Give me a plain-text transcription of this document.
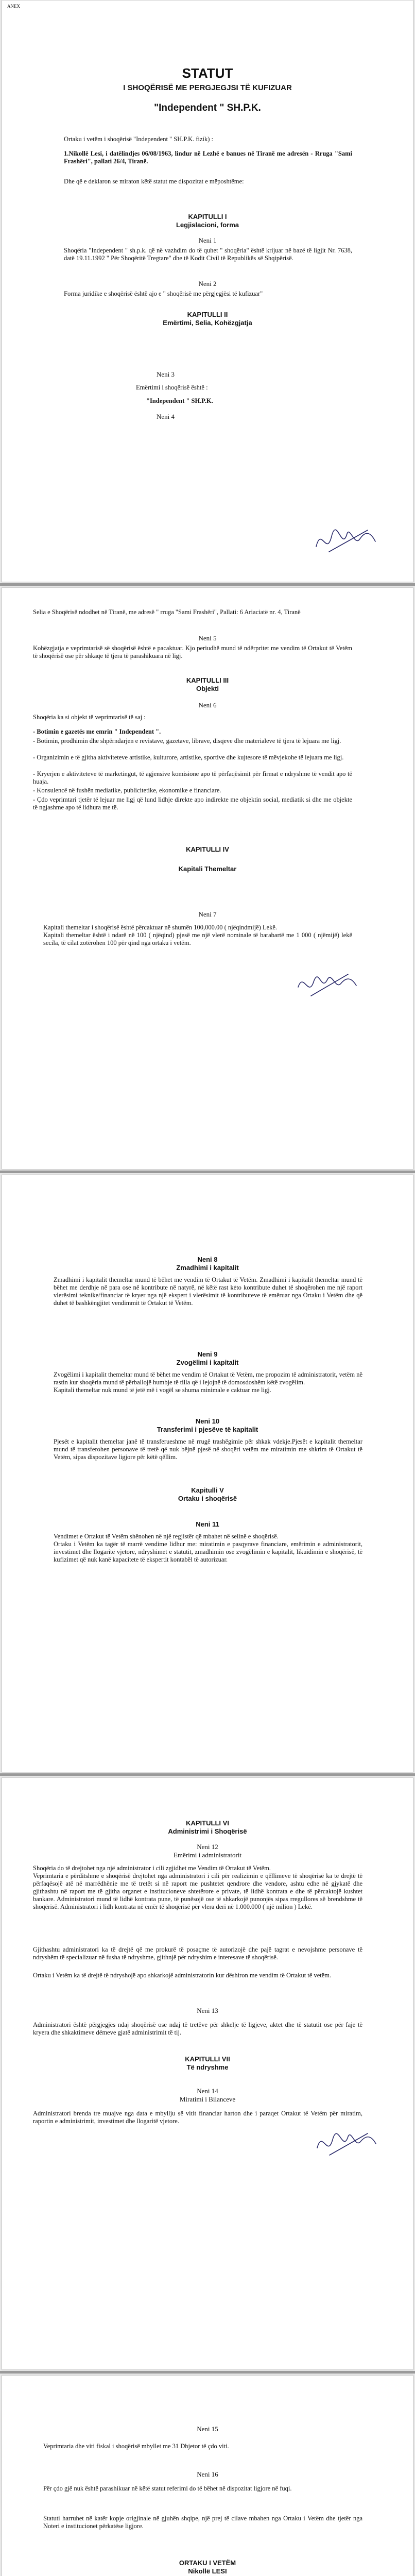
ANEX
STATUT
I SHOQËRISË ME PERGJEGJSI TË KUFIZUAR
"Independent " SH.P.K.
Ortaku i vetëm i shoqërisë "Independent " SH.P.K. fizik) :
1.Nikollë Lesi, i datëlindjes 06/08/1963, lindur në Lezhë e banues në Tiranë me adresën - Rruga "Sami Frashëri", pallati 26/4, Tiranë.
Dhe që e deklaron se miraton këtë statut me dispozitat e mëposhtëme:
KAPITULLI I
Legjislacioni, forma
Neni 1
Shoqëria "Independent " sh.p.k. që në vazhdim do të quhet " shoqëria" është krijuar në bazë të ligjit Nr. 7638, datë 19.11.1992 " Për Shoqëritë Tregtare" dhe të Kodit Civil të Republikës së Shqipërisë.
Neni 2
Forma juridike e shoqërisë është ajo e " shoqërisë me përgjegjësi të kufizuar"
KAPITULLI II
Emërtimi, Selia, Kohëzgjatja
Neni 3
Emërtimi i shoqërisë është :
"Independent " SH.P.K.
Neni 4
Selia e Shoqërisë ndodhet në Tiranë, me adresë " rruga "Sami Frashëri", Pallati: 6 Ariaciatë nr. 4, Tiranë
Neni 5
Kohëzgjatja e veprimtarisë së shoqërisë është e pacaktuar. Kjo periudhë mund të ndërpritet me vendim të Ortakut të Vetëm të shoqërisë ose për shkaqe të tjera të parashikuara në ligj.
KAPITULLI III
Objekti
Neni 6
Shoqëria ka si objekt të veprimtarisë të saj :
- Botimin e gazetës me emrin " Independent ".
- Botimin, prodhimin dhe shpërndarjen e revistave, gazetave, librave, disqeve dhe materialeve të tjera të lejuara me ligj.
- Organizimin e të gjitha aktiviteteve artistike, kulturore, artistike, sportive dhe kujtesore të mëvjekohe të lejuara me ligj.
- Kryerjen e aktiviteteve të marketingut, të agjensive komisione apo të përfaqësimit për firmat e ndryshme të vendit apo të huaja.
- Konsulencë në fushën mediatike, publicitetike, ekonomike e financiare.
- Çdo veprimtari tjetër të lejuar me ligj që lund lidhje direkte apo indirekte me objektin social, mediatik si dhe me objekte të ngjashme apo të lidhura me të.
KAPITULLI IV
Kapitali Themeltar
Neni 7
Kapitali themeltar i shoqërisë është përcaktuar në shumën 100,000.00 ( njëqindmijë) Lekë.
Kapitali themeltar është i ndarë në 100 ( njëqind) pjesë me një vlerë nominale të barabartë me 1 000 ( njëmijë) lekë secila, të cilat zotërohen 100 për qind nga ortaku i vetëm.
Neni 8
Zmadhimi i kapitalit
Zmadhimi i kapitalit themeltar mund të bëhet me vendim të Ortakut të Vetëm. Zmadhimi i kapitalit themeltar mund të bëhet me derdhje në para ose në kontribute në natyrë, në këtë rast kėto kontribute duhet të shoqërohen me një raport vlerësimi teknike/financiar të kryer nga një ekspert i vlerësimit të kontributeve të emëruar nga Ortaku i Vetëm dhe që duhet të bashkëngjitet vendimmit të Ortakut të Vetëm.
Neni 9
Zvogëlimi i kapitalit
Zvogëlimi i kapitalit themeltar mund të bëhet me vendim të Ortakut të Vetëm, me propozim të administratorit, vetëm në rastin kur shoqëria mund të përballojë humbje të tilla që i lejojnë të domosdoshëm këtë zvogëlim.
Kapitali themeltar nuk mund të jetë më i vogël se shuma minimale e caktuar me ligj.
Neni 10
Transferimi i pjesëve të kapitalit
Pjesët e kapitalit themeltar janë të transferueshme në rrugë trashëgimie për shkak vdekje.Pjesët e kapitalit themeltar mund të transferohen personave të tretë që nuk bëjnë pjesë në shoqëri vetëm me miratimin me shkrim të Ortakut të Vetëm, sipas dispozitave ligjore për këtë qëllim.
Kapitulli V
Ortaku i shoqërisë
Neni 11
Vendimet e Ortakut të Vetëm shënohen në një regjistër që mbahet në selinë e shoqërisë.
Ortaku i Vetëm ka tagër të marrë vendime lidhur me: miratimin e pasqyrave financiare, emërimin e administratorit, investimet dhe llogaritë vjetore, ndryshimet e statutit, zmadhimin ose zvogëlimin e kapitalit, likuidimin e shoqërisë, të kufizimet që nuk kanë kapacitete të ekspertit kontabël të autorizuar.
KAPITULLI VI
Administrimi i Shoqërisë
Neni 12
Emërimi i administratorit
Shoqëria do të drejtohet nga një administrator i cili zgjidhet me Vendim të Ortakut të Vetëm.
Veprimtaria e përditshme e shoqërisë drejtohet nga administratori i cili për realizimin e qëllimeve të shoqërisë ka të drejtë të përfaqësojë atë në marrëdhënie me të tretët si në raport me pushtetet qendrore dhe vendore, ashtu edhe në gjykatë dhe gjithashtu në raport me të gjitha organet e institucioneve shtetërore e private, të lidhë kontrata e dhe të përcaktojë kushtet bankare. Administratori mund të lidhë kontrata pune, të punësojë ose të shkarkojë punonjës sipas rregullores së brendshme të shoqërisë. Administratori i lidh kontrata në emër të shoqërisë për vlera deri në 1.000.000 ( një milion ) Lekë.
Gjithashtu administratori ka të drejtë që me prokurë të posaçme të autorizojë dhe pajë tagrat e nevojshme personave të ndryshëm të specializuar në fusha të ndryshme, gjithnjë për ndryshim e interesave të shoqërisë.
Ortaku i Vetëm ka të drejtë të ndryshojë apo shkarkojë administratorin kur dëshiron me vendim të Ortakut të vetëm.
Neni 13
Administratori është përgjegjës ndaj shoqërisë ose ndaj të tretëve për shkelje të ligjeve, aktet dhe të statutit ose për faje të kryera dhe shkaktimeve dëmeve gjatë administrimit të tij.
KAPITULLI VII
Të ndryshme
Neni 14
Miratimi i Bilanceve
Administratori brenda tre muajve nga data e mbyllju së vitit financiar harton dhe i paraqet Ortakut të Vetëm për miratim, raportin e administrimit, investimet dhe llogaritë vjetore.
Neni 15
Veprimtaria dhe viti fiskal i shoqërisë mbyllet me 31 Dhjetor të çdo viti.
Neni 16
Për çdo gjë nuk është parashikuar në këtë statut referimi do të bëhet në dispozitat ligjore në fuqi.
Statuti harruhet në katër kopje origjinale në gjuhën shqipe, një prej të cilave mbahen nga Ortaku i Vetëm dhe tjetër nga Noteri e institucionet përkatëse ligjore.
ORTAKU I VETËM
Nikollë LESI
